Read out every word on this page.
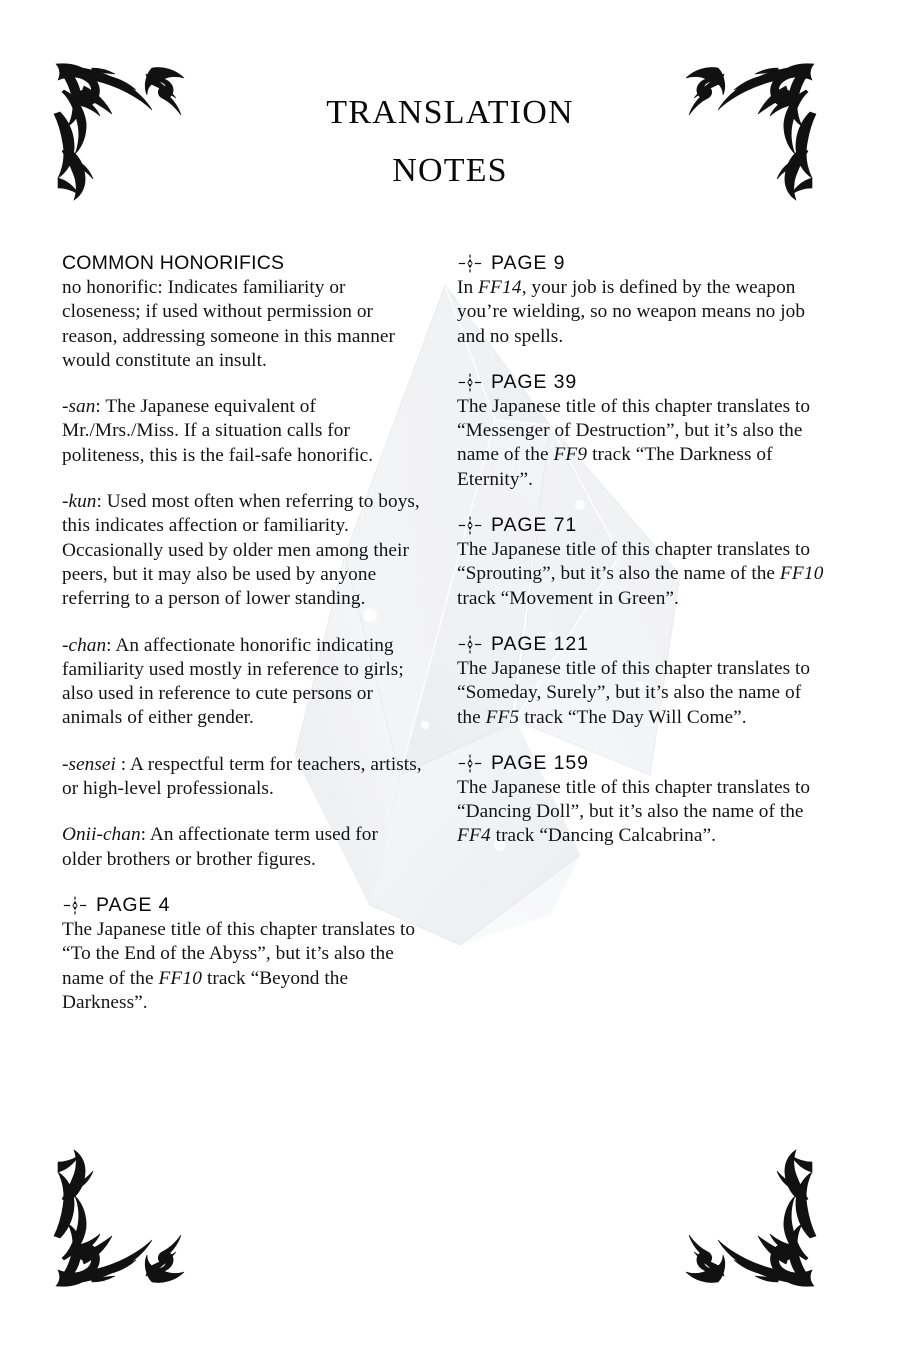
translation
notes
COMMON HONORIFICS

no honorific: Indicates familiarity or closeness; if used without permission or reason, addressing someone in this manner would constitute an insult.

-san: The Japanese equivalent of Mr./Mrs./Miss. If a situation calls for politeness, this is the fail-safe honorific.

-kun: Used most often when referring to boys, this indicates affection or familiarity. Occasionally used by older men among their peers, but it may also be used by anyone referring to a person of lower standing.

-chan: An affectionate honorific indicating familiarity used mostly in reference to girls; also used in reference to cute persons or animals of either gender.

-sensei : A respectful term for teachers, artists, or high-level professionals.

Onii-chan: An affectionate term used for older brothers or brother figures.

PAGE 4

The Japanese title of this chapter translates to “To the End of the Abyss”, but it’s also the name of the FF10 track “Beyond the Darkness”.

PAGE 9

In FF14, your job is defined by the weapon you’re wielding, so no weapon means no job and no spells.

PAGE 39

The Japanese title of this chapter translates to “Messenger of Destruction”, but it’s also the name of the FF9 track “The Darkness of Eternity”.

PAGE 71

The Japanese title of this chapter translates to “Sprouting”, but it’s also the name of the FF10 track “Movement in Green”.

PAGE 121

The Japanese title of this chapter translates to “Someday, Surely”, but it’s also the name of the FF5 track “The Day Will Come”.

PAGE 159

The Japanese title of this chapter translates to “Dancing Doll”, but it’s also the name of the FF4 track “Dancing Calcabrina”.
